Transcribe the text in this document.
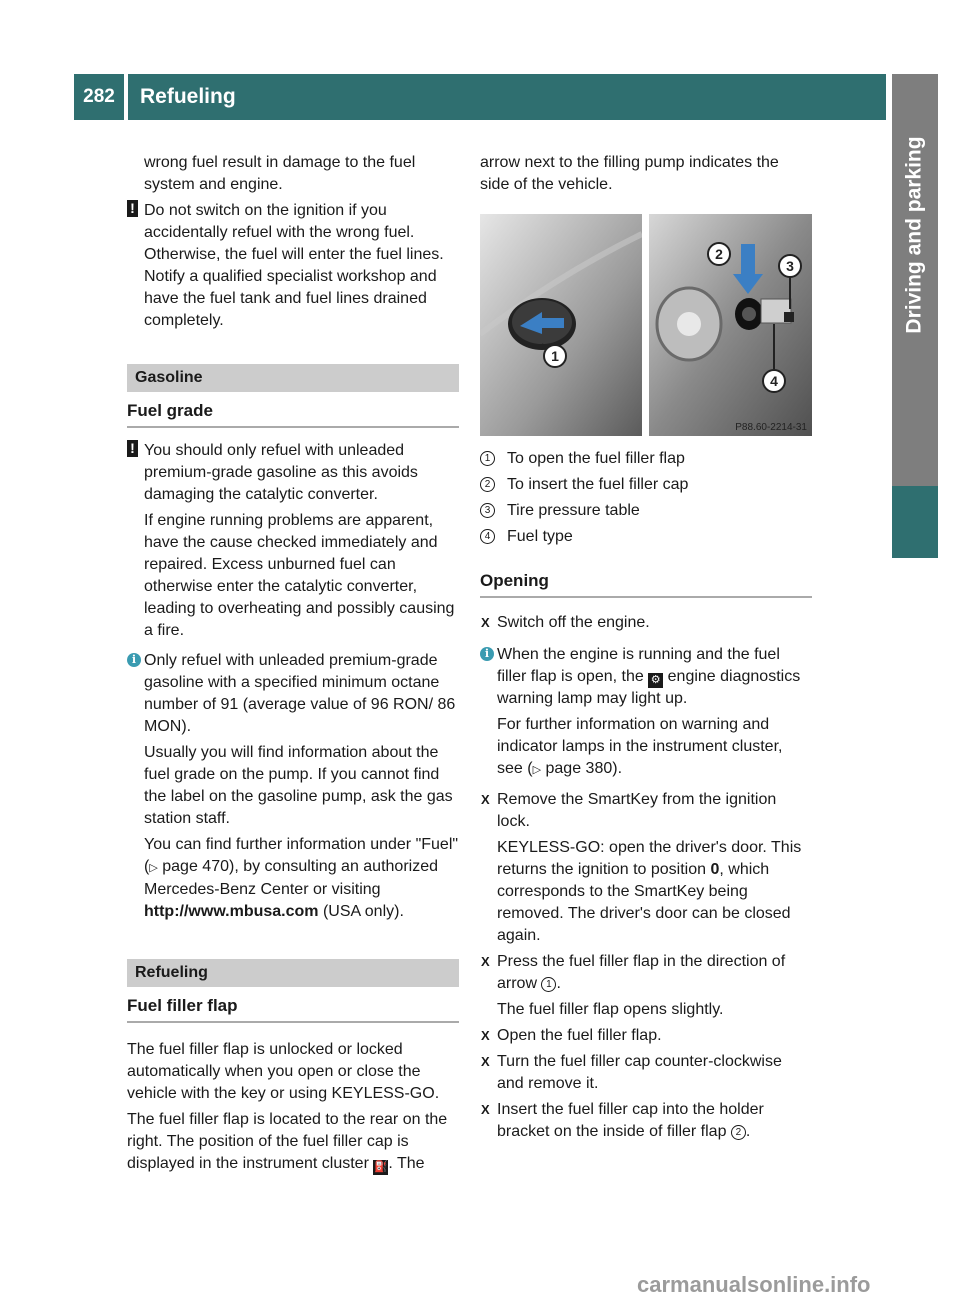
282	Refueling
Driving and parking

wrong fuel result in damage to the fuel system and engine.

! Do not switch on the ignition if you accidentally refuel with the wrong fuel. Otherwise, the fuel will enter the fuel lines. Notify a qualified specialist workshop and have the fuel tank and fuel lines drained completely.
Gasoline
Fuel grade
! You should only refuel with unleaded premium-grade gasoline as this avoids damaging the catalytic converter.

If engine running problems are apparent, have the cause checked immediately and repaired. Excess unburned fuel can otherwise enter the catalytic converter, leading to overheating and possibly causing a fire.

i Only refuel with unleaded premium-grade gasoline with a specified minimum octane number of 91 (average value of 96 RON/ 86 MON).

Usually you will find information about the fuel grade on the pump. If you cannot find the label on the gasoline pump, ask the gas station staff.

You can find further information under "Fuel" (▷ page 470), by consulting an authorized Mercedes-Benz Center or visiting http://www.mbusa.com (USA only).

Refueling
Fuel filler flap

The fuel filler flap is unlocked or locked automatically when you open or close the vehicle with the key or using KEYLESS-GO.

The fuel filler flap is located to the rear on the right. The position of the fuel filler cap is displayed in the instrument cluster ⛽. The

arrow next to the filling pump indicates the side of the vehicle.

1
2
3
4
P88.60-2214-31
1 To open the fuel filler flap
2 To insert the fuel filler cap
3 Tire pressure table
4 Fuel type
Opening
X Switch off the engine.
i When the engine is running and the fuel filler flap is open, the ⚙ engine diagnostics warning lamp may light up.

For further information on warning and indicator lamps in the instrument cluster, see (▷ page 380).

X Remove the SmartKey from the ignition lock.

KEYLESS-GO: open the driver's door. This returns the ignition to position 0, which corresponds to the SmartKey being removed. The driver's door can be closed again.

X Press the fuel filler flap in the direction of arrow 1 .

The fuel filler flap opens slightly.

X Open the fuel filler flap.
X Turn the fuel filler cap counter-clockwise and remove it.
X Insert the fuel filler cap into the holder bracket on the inside of filler flap 2 .
carmanualsonline.info
